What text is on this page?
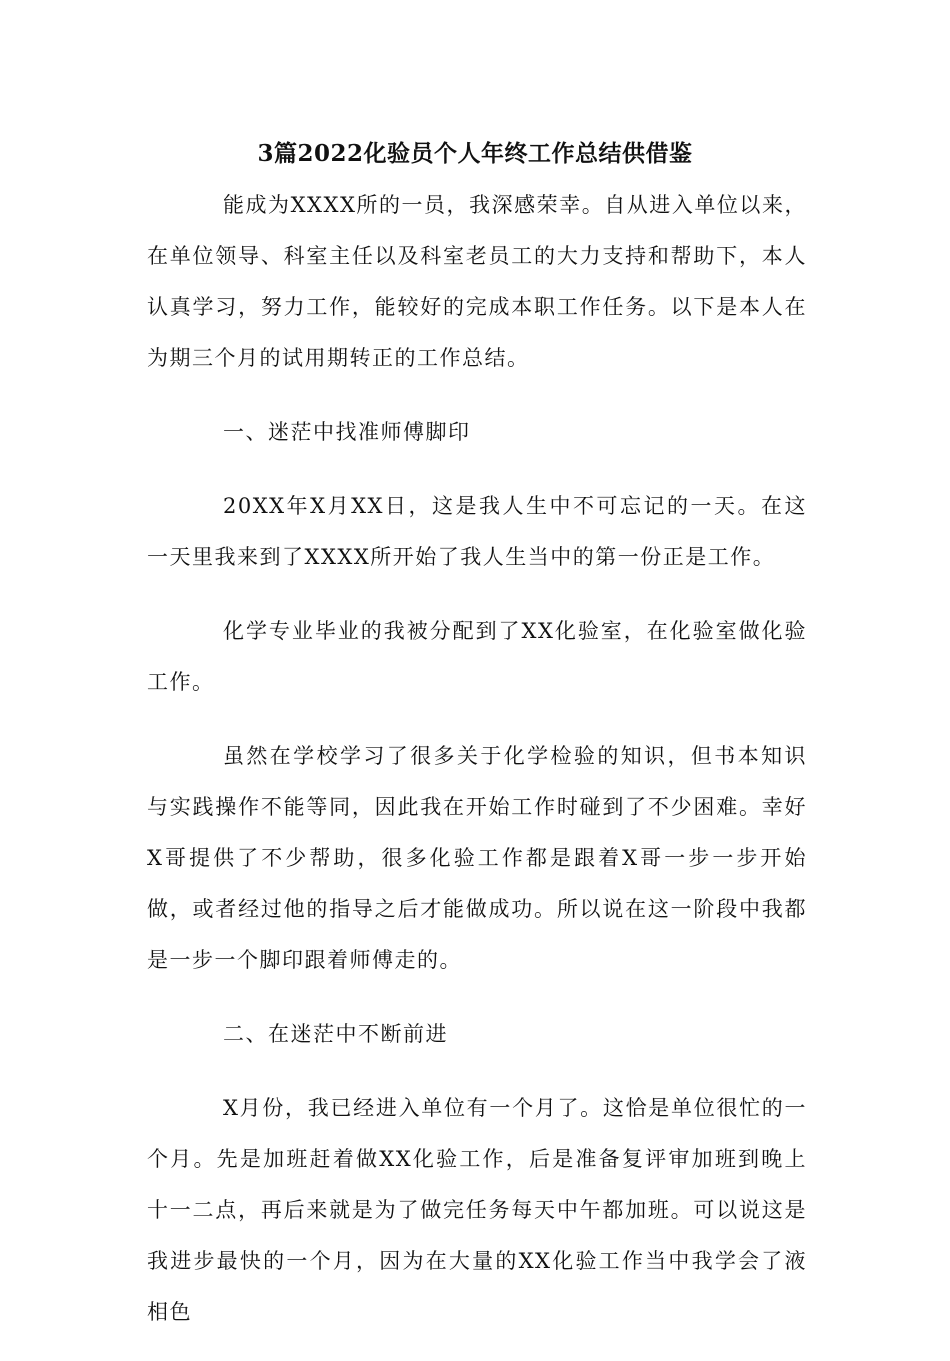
3篇2022化验员个人年终工作总结供借鉴

能成为XXXX所的一员，我深感荣幸。自从进入单位以来，在单位领导、科室主任以及科室老员工的大力支持和帮助下，本人认真学习，努力工作，能较好的完成本职工作任务。以下是本人在为期三个月的试用期转正的工作总结。

一、迷茫中找准师傅脚印

20XX年X月XX日，这是我人生中不可忘记的一天。在这一天里我来到了XXXX所开始了我人生当中的第一份正是工作。

化学专业毕业的我被分配到了XX化验室，在化验室做化验工作。

虽然在学校学习了很多关于化学检验的知识，但书本知识与实践操作不能等同，因此我在开始工作时碰到了不少困难。幸好X哥提供了不少帮助，很多化验工作都是跟着X哥一步一步开始做，或者经过他的指导之后才能做成功。所以说在这一阶段中我都是一步一个脚印跟着师傅走的。

二、在迷茫中不断前进

X月份，我已经进入单位有一个月了。这恰是单位很忙的一个月。先是加班赶着做XX化验工作，后是准备复评审加班到晚上十一二点，再后来就是为了做完任务每天中午都加班。可以说这是我进步最快的一个月，因为在大量的XX化验工作当中我学会了液相色
